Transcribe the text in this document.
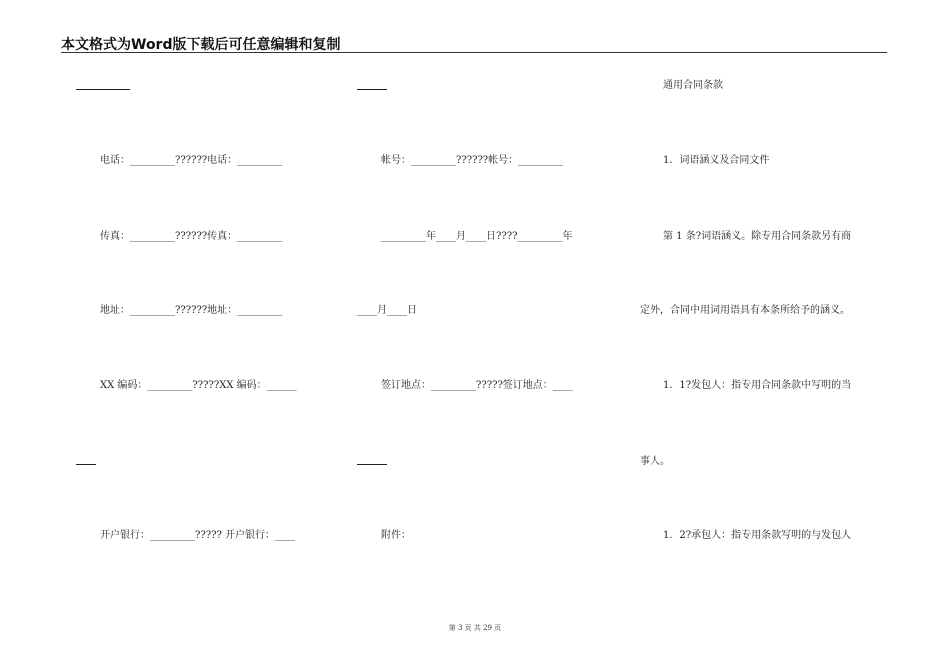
本文格式为Word版下载后可任意编辑和复制
电话：_________??????电话：_________
传真：_________??????传真：_________
地址：_________??????地址：_________
XX 编码：_________?????XX 编码：______
开户银行：_________????? 开户银行：____
帐号：_________??????帐号：_________
_________年____月____日????_________年
____月____日
签订地点：_________?????签订地点：____
附件：
通用合同条款
1．词语涵义及合同文件
第 1 条?词语涵义。除专用合同条款另有商
定外，合同中用词用语具有本条所给予的涵义。
1．1?发包人：指专用合同条款中写明的当
事人。
1．2?承包人：指专用条款写明的与发包人
第 3 页 共 29 页
